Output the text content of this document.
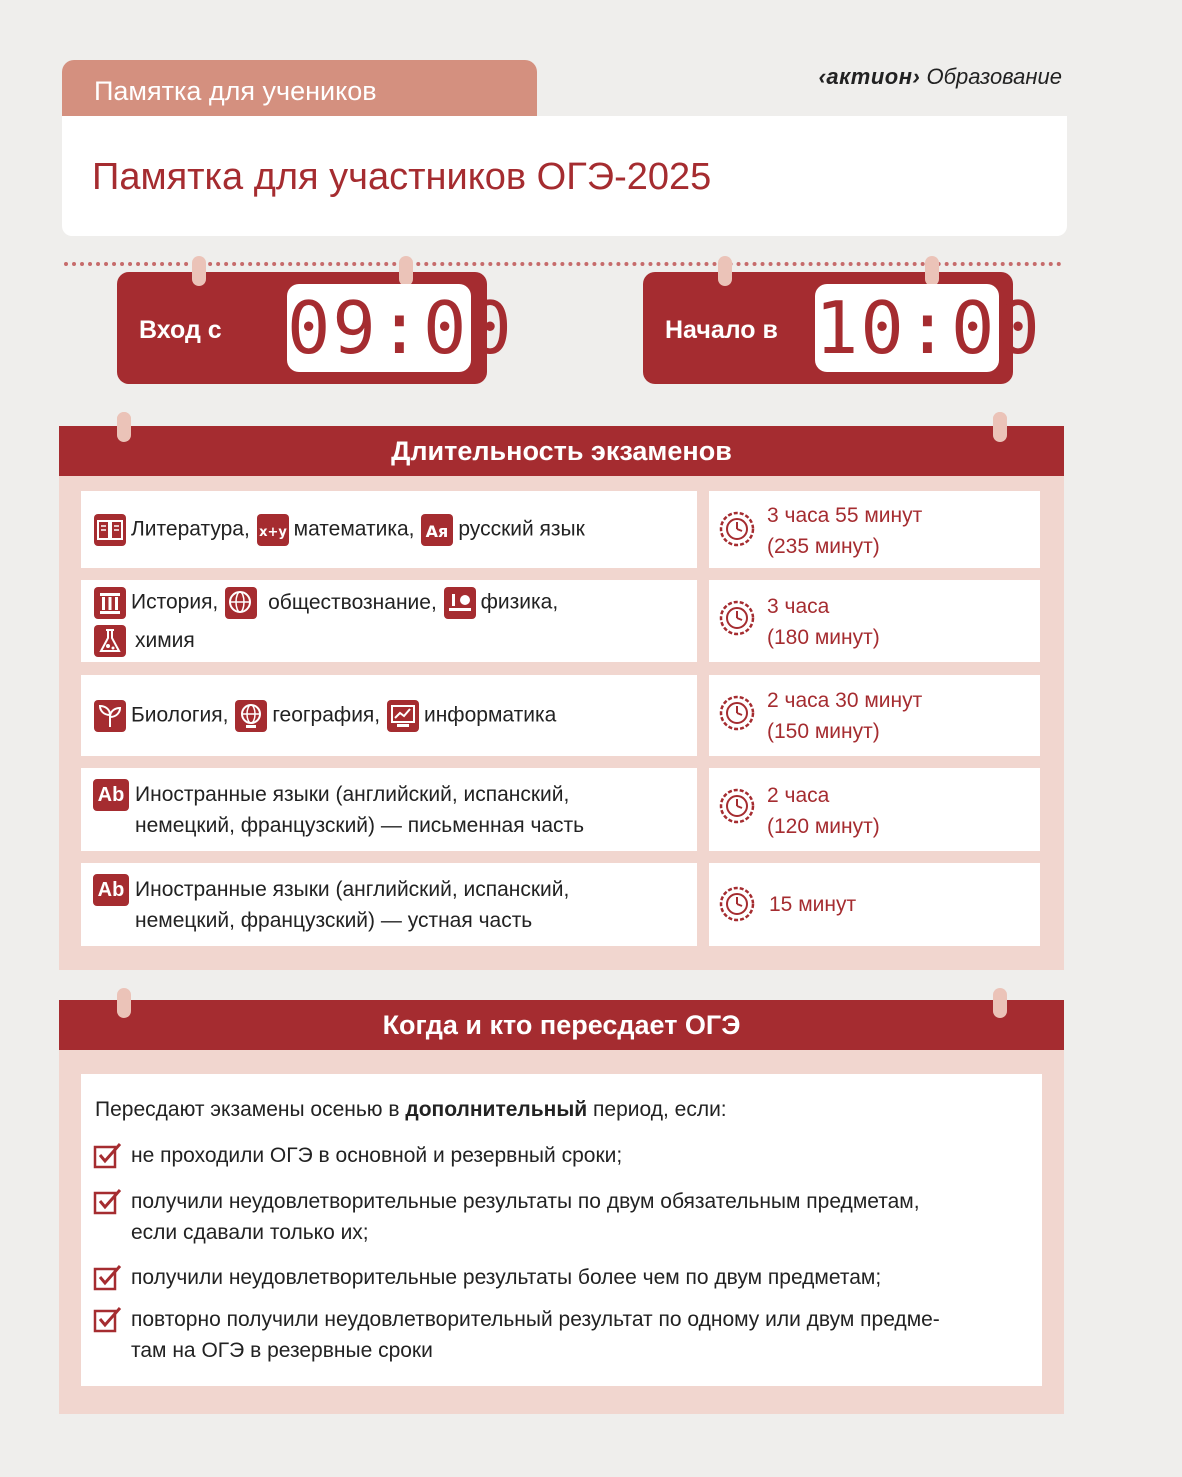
Памятка для учеников	‹актион› Образование
Памятка для участников ОГЭ-2025
Вход с 09:00	Начало в 10:00
Длительность экзаменов
Литература, x+y математика, Ая русский язык
3 часа 55 минут
(235 минут)
История, обществознание, физика,
химия
3 часа
(180 минут)
Биология, география, информатика
2 часа 30 минут
(150 минут)
Ab Иностранные языки (английский, испанский,
немецкий, французский) — письменная часть
2 часа
(120 минут)
Ab Иностранные языки (английский, испанский,
немецкий, французский) — устная часть
15 минут
Когда и кто пересдает ОГЭ
Пересдают экзамены осенью в дополнительный период, если:
не проходили ОГЭ в основной и резервный сроки;
получили неудовлетворительные результаты по двум обязательным предметам,
если сдавали только их;
получили неудовлетворительные результаты более чем по двум предметам;
повторно получили неудовлетворительный результат по одному или двум предме-
там на ОГЭ в резервные сроки
